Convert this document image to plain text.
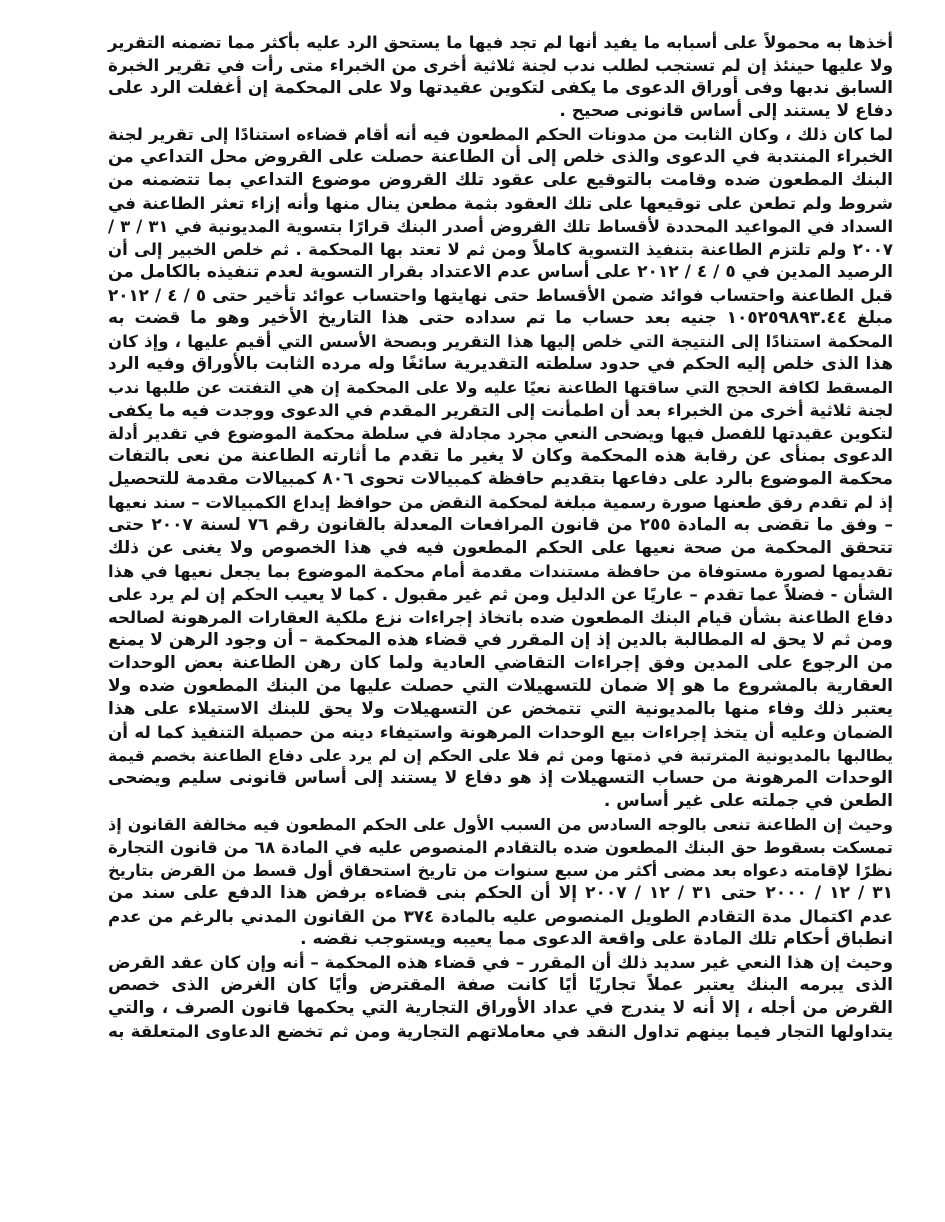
أخذها به محمولاً على أسبابه ما يفيد أنها لم تجد فيها ما يستحق الرد عليه بأكثر مما تضمنه التقرير
ولا عليها حينئذ إن لم تستجب لطلب ندب لجنة ثلاثية أخرى من الخبراء متى رأت في تقرير الخبرة
السابق ندبها وفى أوراق الدعوى ما يكفى لتكوين عقيدتها ولا على المحكمة إن أغفلت الرد على
دفاع لا يستند إلى أساس قانونى صحيح .
لما كان ذلك ، وكان الثابت من مدونات الحكم المطعون فيه أنه أقام قضاءه استنادًا إلى تقرير لجنة
الخبراء المنتدبة في الدعوى والذى خلص إلى أن الطاعنة حصلت على القروض محل التداعي من
البنك المطعون ضده وقامت بالتوقيع على عقود تلك القروض موضوع التداعي بما تتضمنه من
شروط ولم تطعن على توقيعها على تلك العقود بثمة مطعن ينال منها وأنه إزاء تعثر الطاعنة في
السداد في المواعيد المحددة لأقساط تلك القروض أصدر البنك قرارًا بتسوية المديونية في ٣١ / ٣ /
٢٠٠٧ ولم تلتزم الطاعنة بتنفيذ التسوية كاملاً ومن ثم لا تعتد بها المحكمة . ثم خلص الخبير إلى أن
الرصيد المدين في ٥ / ٤ / ٢٠١٢ على أساس عدم الاعتداد بقرار التسوية لعدم تنفيذه بالكامل من
قبل الطاعنة واحتساب فوائد ضمن الأقساط حتى نهايتها واحتساب عوائد تأخير حتى ٥ / ٤ / ٢٠١٢
مبلغ ١٠٥٢٥٩٨٩٣.٤٤ جنيه بعد حساب ما تم سداده حتى هذا التاريخ الأخير وهو ما قضت به
المحكمة استنادًا إلى النتيجة التي خلص إليها هذا التقرير وبصحة الأسس التي أقيم عليها ، وإذ كان
هذا الذى خلص إليه الحكم في حدود سلطته التقديرية سائغًا وله مرده الثابت بالأوراق وفيه الرد
المسقط لكافة الحجج التي ساقتها الطاعنة نعيًا عليه ولا على المحكمة إن هي التفتت عن طلبها ندب
لجنة ثلاثية أخرى من الخبراء بعد أن اطمأنت إلى التقرير المقدم في الدعوى ووجدت فيه ما يكفى
لتكوين عقيدتها للفصل فيها ويضحى النعي مجرد مجادلة في سلطة محكمة الموضوع في تقدير أدلة
الدعوى بمنأى عن رقابة هذه المحكمة وكان لا يغير ما تقدم ما أثارته الطاعنة من نعى بالتفات
محكمة الموضوع بالرد على دفاعها بتقديم حافظة كمبيالات تحوى ٨٠٦ كمبيالات مقدمة للتحصيل
إذ لم تقدم رفق طعنها صورة رسمية مبلغة لمحكمة النقض من حوافظ إيداع الكمبيالات – سند نعيها
– وفق ما تقضى به المادة ٢٥٥ من قانون المرافعات المعدلة بالقانون رقم ٧٦ لسنة ٢٠٠٧ حتى
تتحقق المحكمة من صحة نعيها على الحكم المطعون فيه في هذا الخصوص ولا يغنى عن ذلك
تقديمها لصورة مستوفاة من حافظة مستندات مقدمة أمام محكمة الموضوع بما يجعل نعيها في هذا
الشأن - فضلاً عما تقدم – عاريًا عن الدليل ومن ثم غير مقبول . كما لا يعيب الحكم إن لم يرد على
دفاع الطاعنة بشأن قيام البنك المطعون ضده باتخاذ إجراءات نزع ملكية العقارات المرهونة لصالحه
ومن ثم لا يحق له المطالبة بالدين إذ إن المقرر في قضاء هذه المحكمة – أن وجود الرهن لا يمنع
من الرجوع على المدين وفق إجراءات التقاضي العادية ولما كان رهن الطاعنة بعض الوحدات
العقارية بالمشروع ما هو إلا ضمان للتسهيلات التي حصلت عليها من البنك المطعون ضده ولا
يعتبر ذلك وفاء منها بالمديونية التي تتمخض عن التسهيلات ولا يحق للبنك الاستيلاء على هذا
الضمان وعليه أن يتخذ إجراءات بيع الوحدات المرهونة واستيفاء دينه من حصيلة التنفيذ كما له أن
يطالبها بالمديونية المترتبة في ذمتها ومن ثم فلا على الحكم إن لم يرد على دفاع الطاعنة بخصم قيمة
الوحدات المرهونة من حساب التسهيلات إذ هو دفاع لا يستند إلى أساس قانونى سليم ويضحى
الطعن في جملته على غير أساس .
وحيث إن الطاعنة تنعى بالوجه السادس من السبب الأول على الحكم المطعون فيه مخالفة القانون إذ
تمسكت بسقوط حق البنك المطعون ضده بالتقادم المنصوص عليه في المادة ٦٨ من قانون التجارة
نظرًا لإقامته دعواه بعد مضى أكثر من سبع سنوات من تاريخ استحقاق أول قسط من القرض بتاريخ
٣١ / ١٢ / ٢٠٠٠ حتى ٣١ / ١٢ / ٢٠٠٧ إلا أن الحكم بنى قضاءه برفض هذا الدفع على سند من
عدم اكتمال مدة التقادم الطويل المنصوص عليه بالمادة ٣٧٤ من القانون المدني بالرغم من عدم
انطباق أحكام تلك المادة على واقعة الدعوى مما يعيبه ويستوجب نقضه .
وحيث إن هذا النعي غير سديد ذلك أن المقرر – في قضاء هذه المحكمة – أنه وإن كان عقد القرض
الذى يبرمه البنك يعتبر عملاً تجاريًا أيًا كانت صفة المقترض وأيًا كان الغرض الذى خصص
القرض من أجله ، إلا أنه لا يندرج في عداد الأوراق التجارية التي يحكمها قانون الصرف ، والتي
يتداولها التجار فيما بينهم تداول النقد في معاملاتهم التجارية ومن ثم تخضع الدعاوى المتعلقة به
